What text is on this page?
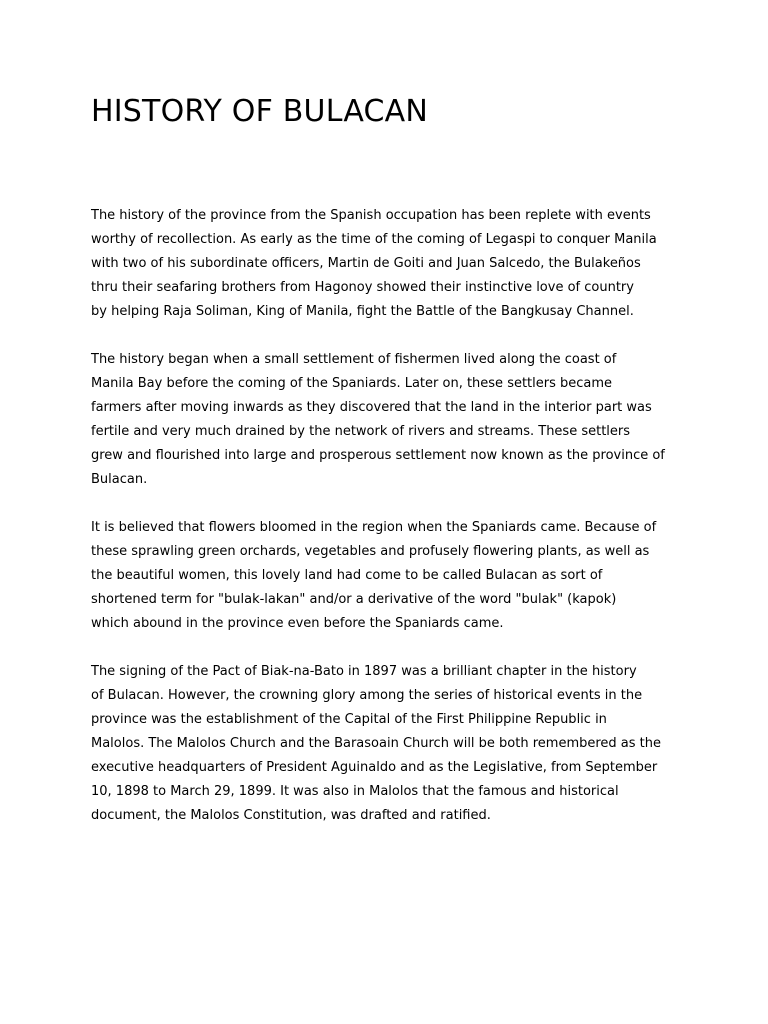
HISTORY OF BULACAN

The history of the province from the Spanish occupation has been replete with events
worthy of recollection. As early as the time of the coming of Legaspi to conquer Manila
with two of his subordinate officers, Martin de Goiti and Juan Salcedo, the Bulakeños
thru their seafaring brothers from Hagonoy showed their instinctive love of country
by helping Raja Soliman, King of Manila, fight the Battle of the Bangkusay Channel.

The history began when a small settlement of fishermen lived along the coast of
Manila Bay before the coming of the Spaniards. Later on, these settlers became
farmers after moving inwards as they discovered that the land in the interior part was
fertile and very much drained by the network of rivers and streams. These settlers
grew and flourished into large and prosperous settlement now known as the province of
Bulacan.

It is believed that flowers bloomed in the region when the Spaniards came. Because of
these sprawling green orchards, vegetables and profusely flowering plants, as well as
the beautiful women, this lovely land had come to be called Bulacan as sort of
shortened term for "bulak-lakan" and/or a derivative of the word "bulak" (kapok)
which abound in the province even before the Spaniards came.

The signing of the Pact of Biak-na-Bato in 1897 was a brilliant chapter in the history
of Bulacan. However, the crowning glory among the series of historical events in the
province was the establishment of the Capital of the First Philippine Republic in
Malolos. The Malolos Church and the Barasoain Church will be both remembered as the
executive headquarters of President Aguinaldo and as the Legislative, from September
10, 1898 to March 29, 1899. It was also in Malolos that the famous and historical
document, the Malolos Constitution, was drafted and ratified.
